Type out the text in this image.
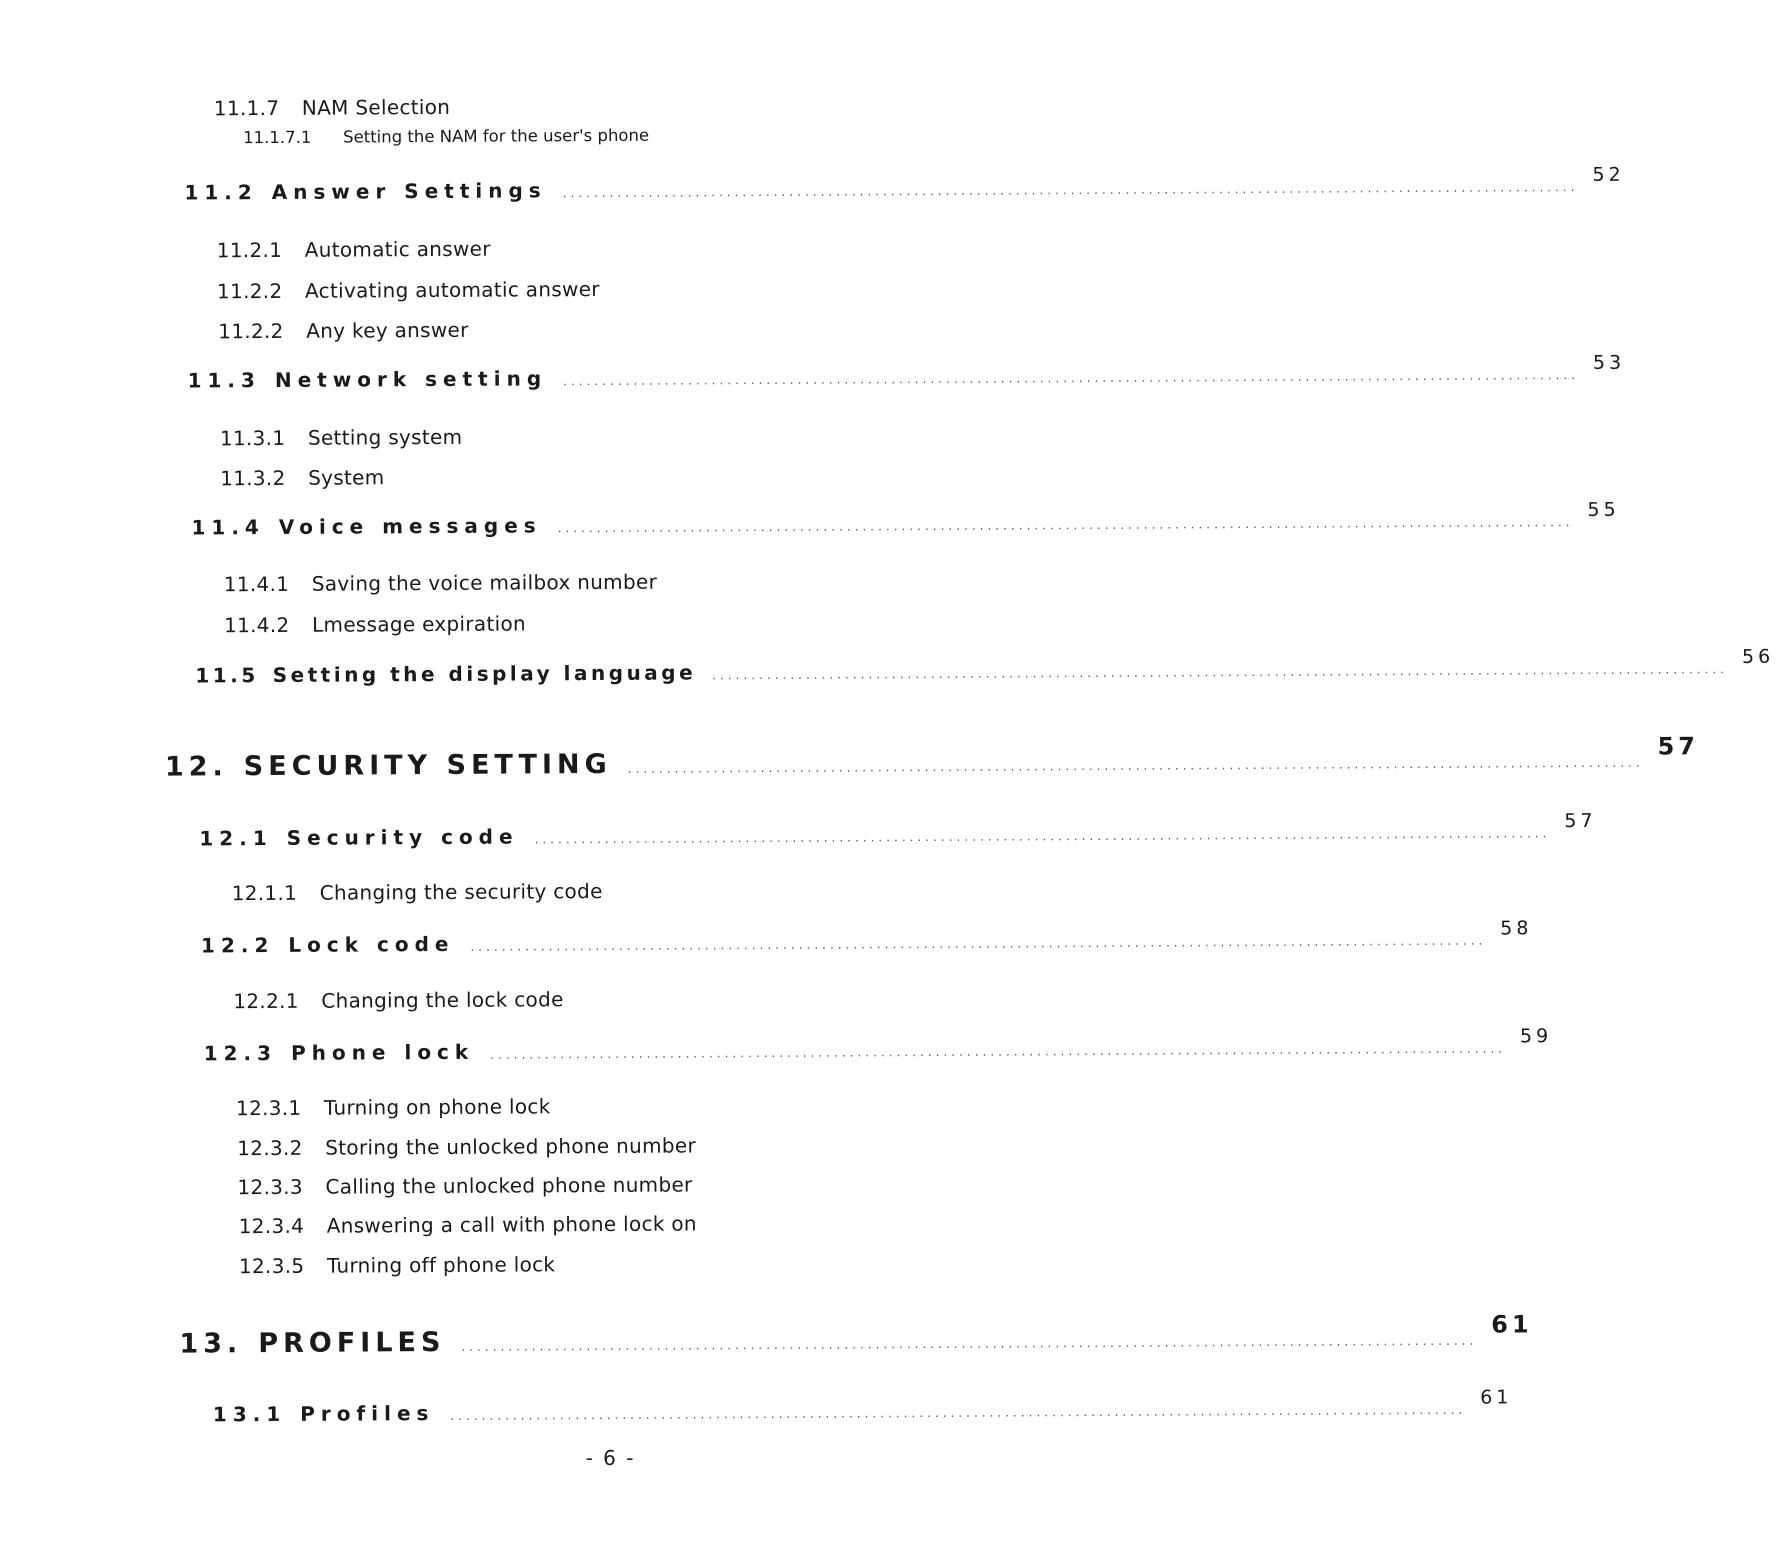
11.1.7 NAM Selection
11.1.7.1 Setting the NAM for the user's phone
11.2 Answer Settings ..................................................................................................................................
52
11.2.1 Automatic answer
11.2.2 Activating automatic answer
11.2.2 Any key answer
11.3 Network setting ..................................................................................................................................
53
11.3.1 Setting system
11.3.2 System
11.4 Voice messages ..................................................................................................................................
55
11.4.1 Saving the voice mailbox number
11.4.2 Lmessage expiration
11.5 Setting the display language ..................................................................................................................................
56
12. SECURITY SETTING ..................................................................................................................................
57
12.1 Security code ..................................................................................................................................
57
12.1.1 Changing the security code
12.2 Lock code ..................................................................................................................................
58
12.2.1 Changing the lock code
12.3 Phone lock ..................................................................................................................................
59
12.3.1 Turning on phone lock
12.3.2 Storing the unlocked phone number
12.3.3 Calling the unlocked phone number
12.3.4 Answering a call with phone lock on
12.3.5 Turning off phone lock
13. PROFILES ..................................................................................................................................
61
13.1 Profiles ..................................................................................................................................
61
- 6 -
